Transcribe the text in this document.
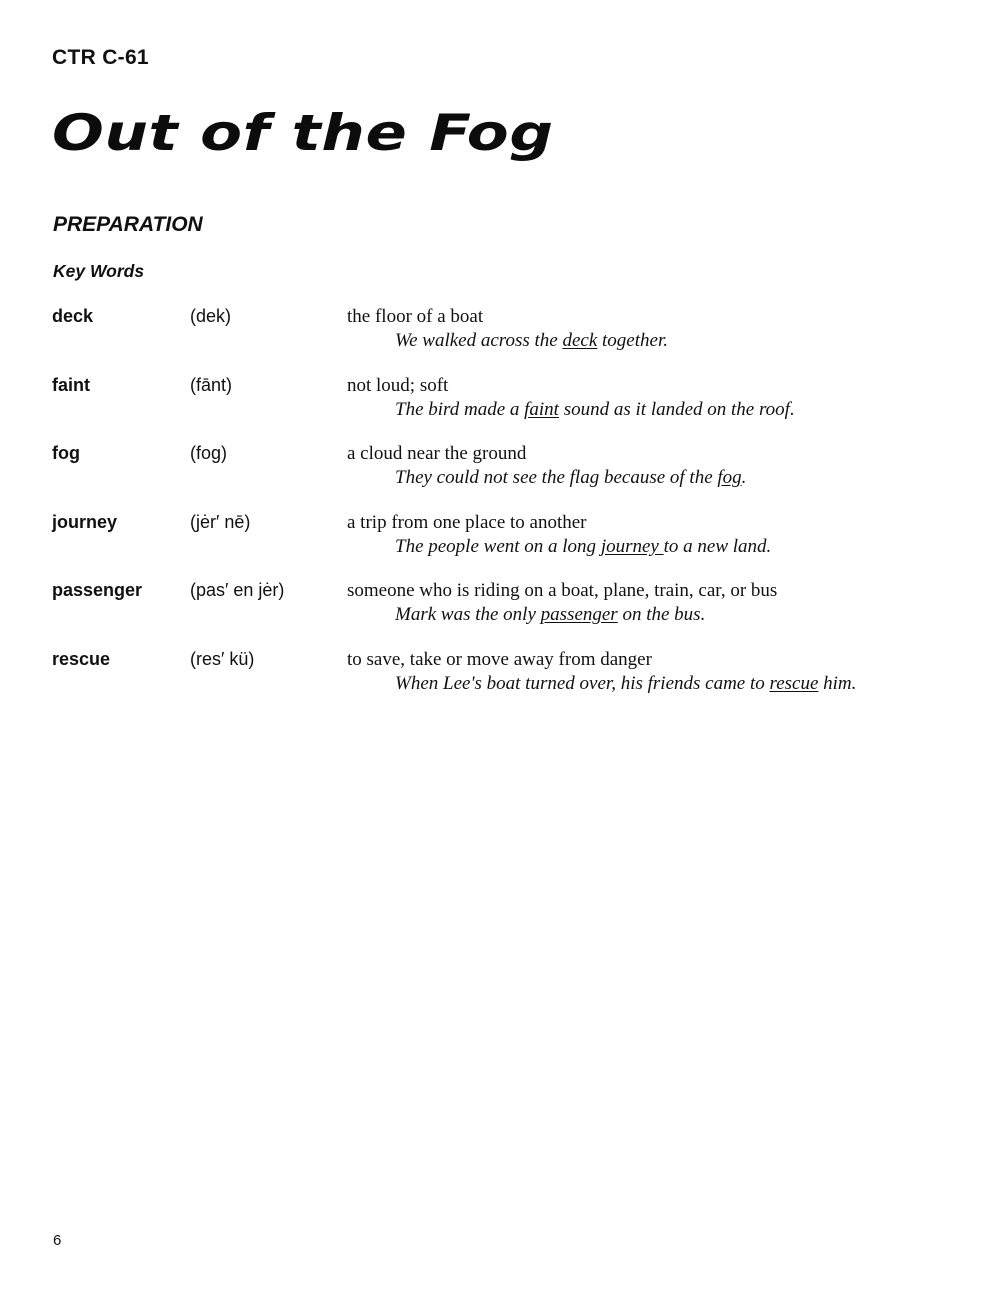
CTR C-61
Out of the Fog
PREPARATION
Key Words
deck	(dek)	the floor of a boat
We walked across the deck together.
faint	(fānt)	not loud; soft
The bird made a faint sound as it landed on the roof.
fog	(fog)	a cloud near the ground
They could not see the flag because of the fog.
journey	(jėr′ nē)	a trip from one place to another
The people went on a long journey to a new land.
passenger	(pas′ en jėr)	someone who is riding on a boat, plane, train, car, or bus
Mark was the only passenger on the bus.
rescue	(res′ kü)	to save, take or move away from danger
When Lee's boat turned over, his friends came to rescue him.
6
